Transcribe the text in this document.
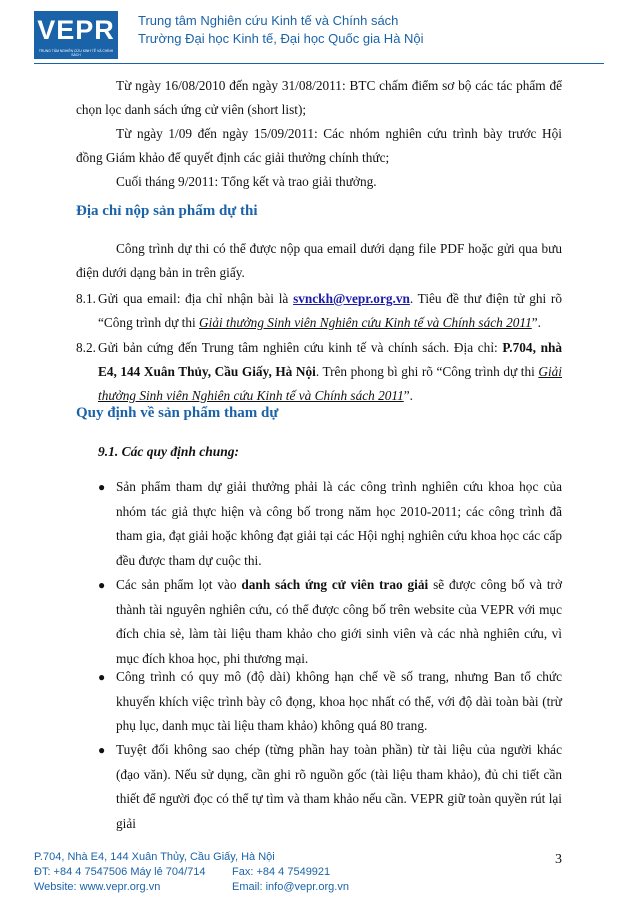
VEPR
TRUNG TÂM NGHIÊN CỨU KINH TẾ VÀ CHÍNH SÁCH
Trung tâm Nghiên cứu Kinh tế và Chính sách
Trường Đại học Kinh tế, Đại học Quốc gia Hà Nội
Từ ngày 16/08/2010 đến ngày 31/08/2011: BTC chấm điểm sơ bộ các tác phẩm để chọn lọc danh sách ứng cử viên (short list);
Từ ngày 1/09 đến ngày 15/09/2011: Các nhóm nghiên cứu trình bày trước Hội đồng Giám khảo để quyết định các giải thưởng chính thức;
Cuối tháng 9/2011: Tổng kết và trao giải thưởng.
Địa chỉ nộp sản phẩm dự thi
Công trình dự thi có thể được nộp qua email dưới dạng file PDF hoặc gửi qua bưu điện dưới dạng bản in trên giấy.
8.1. Gửi qua email: địa chỉ nhận bài là svnckh@vepr.org.vn. Tiêu đề thư điện tử ghi rõ “Công trình dự thi Giải thưởng Sinh viên Nghiên cứu Kinh tế và Chính sách 2011”.
8.2. Gửi bản cứng đến Trung tâm nghiên cứu kinh tế và chính sách. Địa chỉ: P.704, nhà E4, 144 Xuân Thủy, Cầu Giấy, Hà Nội. Trên phong bì ghi rõ “Công trình dự thi Giải thưởng Sinh viên Nghiên cứu Kinh tế và Chính sách 2011”.
Quy định về sản phẩm tham dự
9.1. Các quy định chung:
● Sản phẩm tham dự giải thưởng phải là các công trình nghiên cứu khoa học của nhóm tác giả thực hiện và công bố trong năm học 2010-2011; các công trình đã tham gia, đạt giải hoặc không đạt giải tại các Hội nghị nghiên cứu khoa học các cấp đều được tham dự cuộc thi.
● Các sản phẩm lọt vào danh sách ứng cử viên trao giải sẽ được công bố và trở thành tài nguyên nghiên cứu, có thể được công bố trên website của VEPR với mục đích chia sẻ, làm tài liệu tham khảo cho giới sinh viên và các nhà nghiên cứu, vì mục đích khoa học, phi thương mại.
● Công trình có quy mô (độ dài) không hạn chế về số trang, nhưng Ban tổ chức khuyến khích việc trình bày cô đọng, khoa học nhất có thể, với độ dài toàn bài (trừ phụ lục, danh mục tài liệu tham khảo) không quá 80 trang.
● Tuyệt đối không sao chép (từng phần hay toàn phần) từ tài liệu của người khác (đạo văn). Nếu sử dụng, cần ghi rõ nguồn gốc (tài liệu tham khảo), đủ chi tiết cần thiết để người đọc có thể tự tìm và tham khảo nếu cần. VEPR giữ toàn quyền rút lại giải
P.704, Nhà E4, 144 Xuân Thủy, Cầu Giấy, Hà Nội
ĐT: +84 4 7547506 Máy lẻ 704/714 Fax: +84 4 7549921
Website: www.vepr.org.vn	Email: info@vepr.org.vn
3
